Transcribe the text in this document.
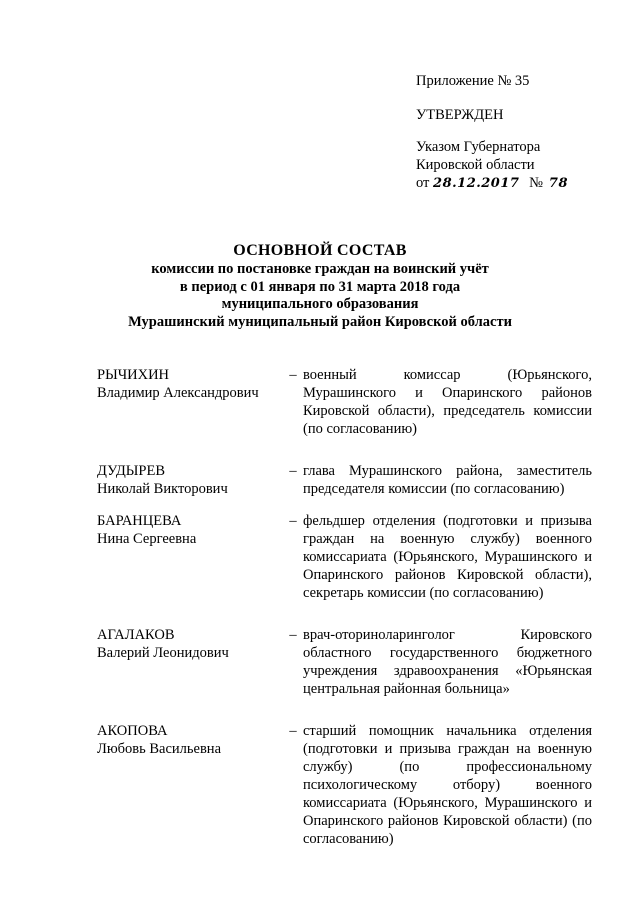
Приложение № 35
УТВЕРЖДЕН
Указом Губернатора
Кировской области
от 28.12.2017 № 78
ОСНОВНОЙ СОСТАВ
комиссии по постановке граждан на воинский учёт
в период с 01 января по 31 марта 2018 года
муниципального образования
Мурашинский муниципальный район Кировской области
РЫЧИХИН
Владимир Александрович
– военный комиссар (Юрьянского, Мурашинского и Опаринского районов Кировской области), председатель комиссии (по согласованию)
ДУДЫРЕВ
Николай Викторович
– глава Мурашинского района, заместитель председателя комиссии (по согласованию)
БАРАНЦЕВА
Нина Сергеевна
– фельдшер отделения (подготовки и призыва граждан на военную службу) военного комиссариата (Юрьянского, Мурашинского и Опаринского районов Кировской области), секретарь комиссии (по согласованию)
АГАЛАКОВ
Валерий Леонидович
– врач-оториноларинголог Кировского областного государственного бюджетного учреждения здравоохранения «Юрьянская центральная районная больница»
АКОПОВА
Любовь Васильевна
– старший помощник начальника отделения (подготовки и призыва граждан на военную службу) (по профессиональному психологическому отбору) военного комиссариата (Юрьянского, Мурашинского и Опаринского районов Кировской области) (по согласованию)
